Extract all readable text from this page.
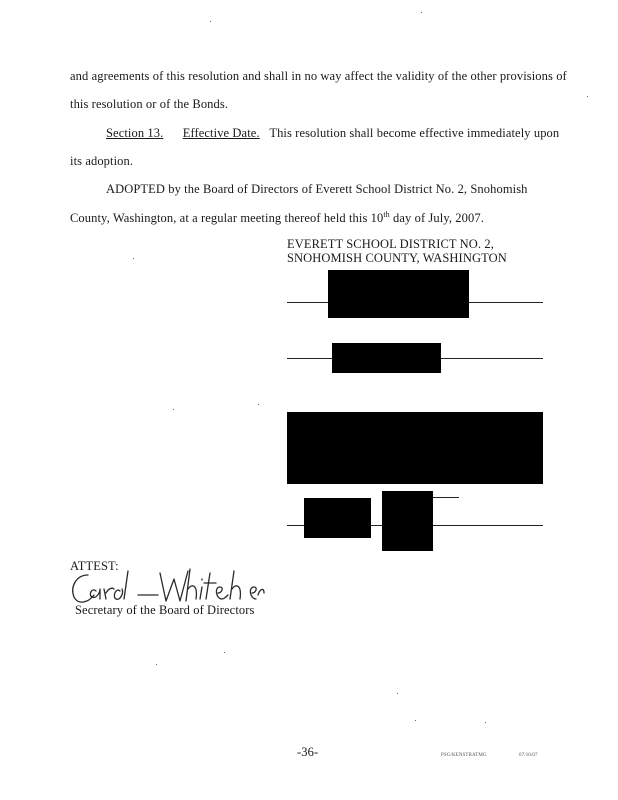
and agreements of this resolution and shall in no way affect the validity of the other provisions of
this resolution or of the Bonds.
Section 13. Effective Date. This resolution shall become effective immediately upon
its adoption.
ADOPTED by the Board of Directors of Everett School District No. 2, Snohomish
County, Washington, at a regular meeting thereof held this 10th day of July, 2007.
EVERETT SCHOOL DISTRICT NO. 2,
SNOHOMISH COUNTY, WASHINGTON
ATTEST:
Secretary of the Board of Directors
-36-	PSG/KENSTRATMG	07/16/07
